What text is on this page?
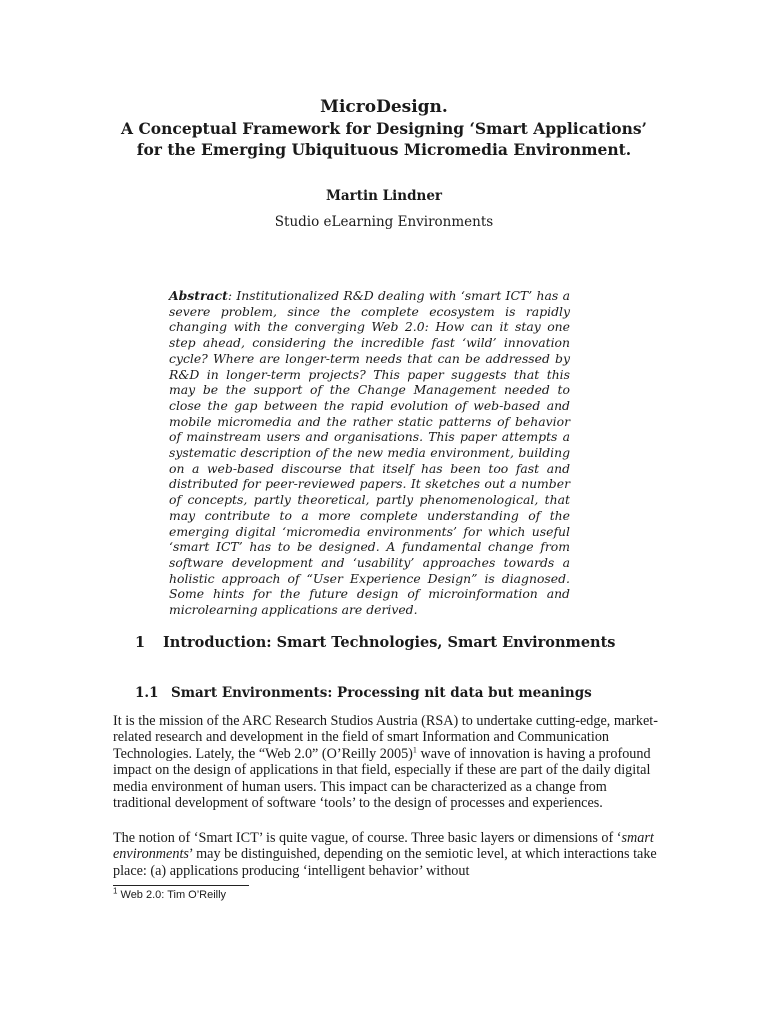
MicroDesign.
A Conceptual Framework for Designing ‘Smart Applications’
for the Emerging Ubiquituous Micromedia Environment.
Martin Lindner
Studio eLearning Environments
Abstract: Institutionalized R&D dealing with ‘smart ICT’ has a severe problem, since the complete ecosystem is rapidly changing with the converging Web 2.0: How can it stay one step ahead, considering the incredible fast ‘wild’ innovation cycle? Where are longer-term needs that can be addressed by R&D in longer-term projects? This paper suggests that this may be the support of the Change Management needed to close the gap between the rapid evolution of web-based and mobile micromedia and the rather static patterns of behavior of mainstream users and organisations. This paper attempts a systematic description of the new media environment, building on a web-based discourse that itself has been too fast and distributed for peer-reviewed papers. It sketches out a number of concepts, partly theoretical, partly phenomenological, that may contribute to a more complete understanding of the emerging digital ‘micromedia environments’ for which useful ‘smart ICT’ has to be designed. A fundamental change from software development and ‘usability’ approaches towards a holistic approach of “User Experience Design” is diagnosed. Some hints for the future design of microinformation and microlearning applications are derived.
1 Introduction: Smart Technologies, Smart Environments
1.1 Smart Environments: Processing nit data but meanings
It is the mission of the ARC Research Studios Austria (RSA) to undertake cutting-edge, market-related research and development in the field of smart Information and Communication Technologies. Lately, the “Web 2.0” (O’Reilly 2005)$^1$ wave of innovation is having a profound impact on the design of applications in that field, especially if these are part of the daily digital media environment of human users. This impact can be characterized as a change from traditional development of software ‘tools’ to the design of processes and experiences.
The notion of ‘Smart ICT’ is quite vague, of course. Three basic layers or dimensions of ‘smart environments’ may be distinguished, depending on the semiotic level, at which interactions take place: (a) applications producing ‘intelligent behavior’ without
$^1$ Web 2.0: Tim O’Reilly
